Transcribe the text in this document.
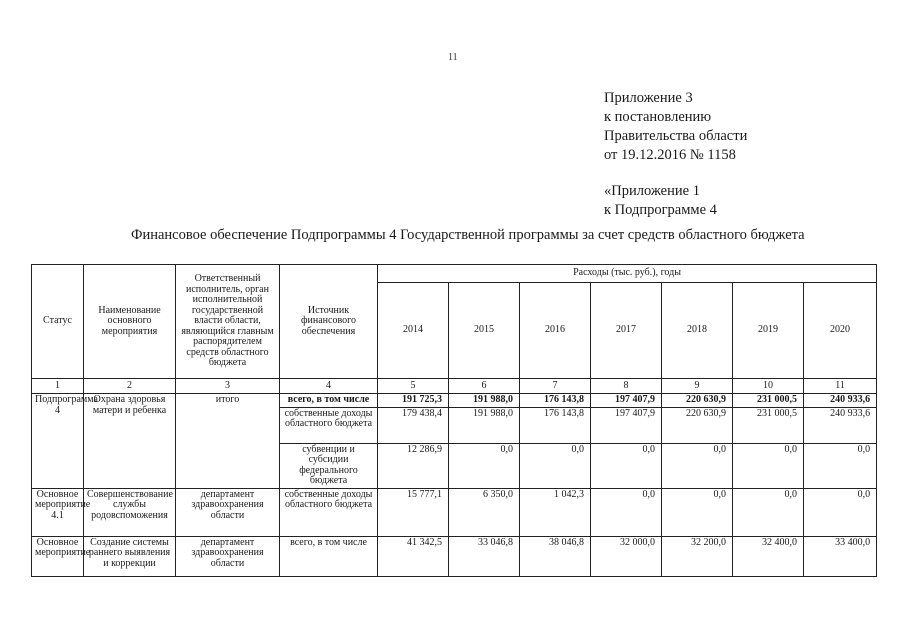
11
Приложение 3
к постановлению
Правительства области
от 19.12.2016 № 1158
«Приложение 1
к Подпрограмме 4
Финансовое обеспечение Подпрограммы 4 Государственной программы за счет средств областного бюджета
Статус	Наименование основного мероприятия	Ответственный исполнитель, орган исполнительной государственной власти области, являющийся главным распорядителем средств областного бюджета	Источник финансового обеспечения	Расходы (тыс. руб.), годы						
				2014	2015	2016	2017	2018	2019	2020
1	2	3	4	5	6	7	8	9	10	11
Подпрограмма 4	Охрана здоровья матери и ребенка	итого	всего, в том числе	191 725,3	191 988,0	176 143,8	197 407,9	220 630,9	231 000,5	240 933,6
			собственные доходы областного бюджета	179 438,4	191 988,0	176 143,8	197 407,9	220 630,9	231 000,5	240 933,6
			субвенции и субсидии федерального бюджета	12 286,9	0,0	0,0	0,0	0,0	0,0	0,0
Основное мероприятие 4.1	Совершенствование службы родовспоможения	департамент здравоохранения области	собственные доходы областного бюджета	15 777,1	6 350,0	1 042,3	0,0	0,0	0,0	0,0
Основное мероприятие	Создание системы раннего выявления и коррекции	департамент здравоохранения области	всего, в том числе	41 342,5	33 046,8	38 046,8	32 000,0	32 200,0	32 400,0	33 400,0
